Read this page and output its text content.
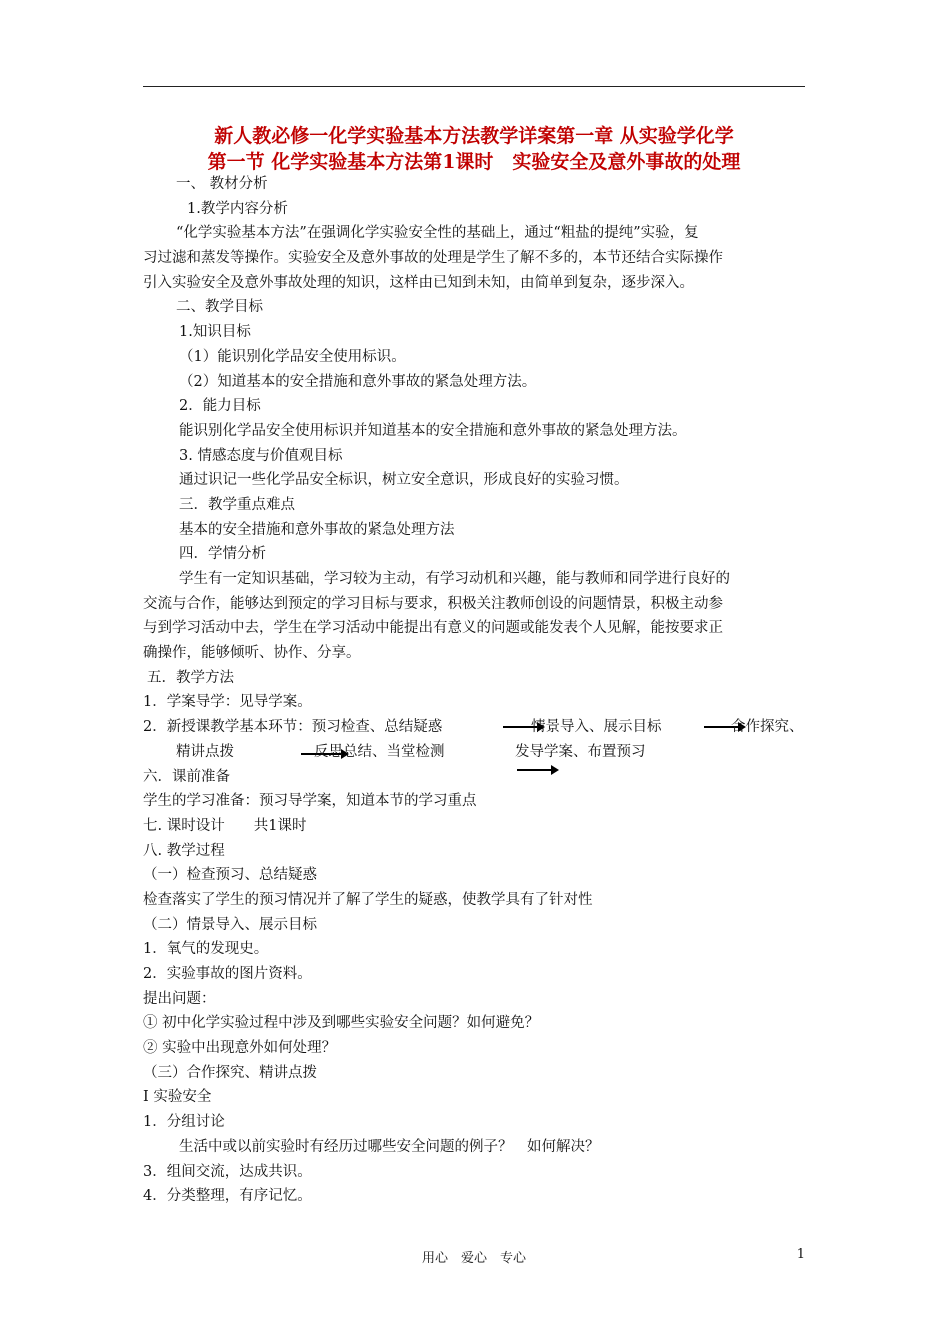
新人教必修一化学实验基本方法教学详案第一章 从实验学化学
第一节 化学实验基本方法第1课时　实验安全及意外事故的处理
一、 教材分析
1.教学内容分析
“化学实验基本方法”在强调化学实验安全性的基础上，通过“粗盐的提纯”实验，复
习过滤和蒸发等操作。实验安全及意外事故的处理是学生了解不多的，本节还结合实际操作
引入实验安全及意外事故处理的知识，这样由已知到未知，由简单到复杂，逐步深入。
二、教学目标
1.知识目标
（1）能识别化学品安全使用标识。
（2）知道基本的安全措施和意外事故的紧急处理方法。
2．能力目标
能识别化学品安全使用标识并知道基本的安全措施和意外事故的紧急处理方法。
3. 情感态度与价值观目标
通过识记一些化学品安全标识，树立安全意识，形成良好的实验习惯。
三．教学重点难点
基本的安全措施和意外事故的紧急处理方法
四．学情分析
学生有一定知识基础，学习较为主动，有学习动机和兴趣，能与教师和同学进行良好的
交流与合作，能够达到预定的学习目标与要求，积极关注教师创设的问题情景，积极主动参
与到学习活动中去，学生在学习活动中能提出有意义的问题或能发表个人见解，能按要求正
确操作，能够倾听、协作、分享。
五．教学方法
1．学案导学：见导学案。
2．新授课教学基本环节：预习检查、总结疑惑	情景导入、展示目标	合作探究、
精讲点拨	反思总结、当堂检测	发导学案、布置预习
六．课前准备
学生的学习准备：预习导学案，知道本节的学习重点
七. 课时设计　　共1课时
八. 教学过程
（一）检查预习、总结疑惑
检查落实了学生的预习情况并了解了学生的疑惑，使教学具有了针对性
（二）情景导入、展示目标
1．氧气的发现史。
2．实验事故的图片资料。
提出问题：
① 初中化学实验过程中涉及到哪些实验安全问题？如何避免？
② 实验中出现意外如何处理？
（三）合作探究、精讲点拨
Ⅰ 实验安全
1．分组讨论
生活中或以前实验时有经历过哪些安全问题的例子？　如何解决？
3．组间交流，达成共识。
4．分类整理，有序记忆。
用心　爱心　专心	1
